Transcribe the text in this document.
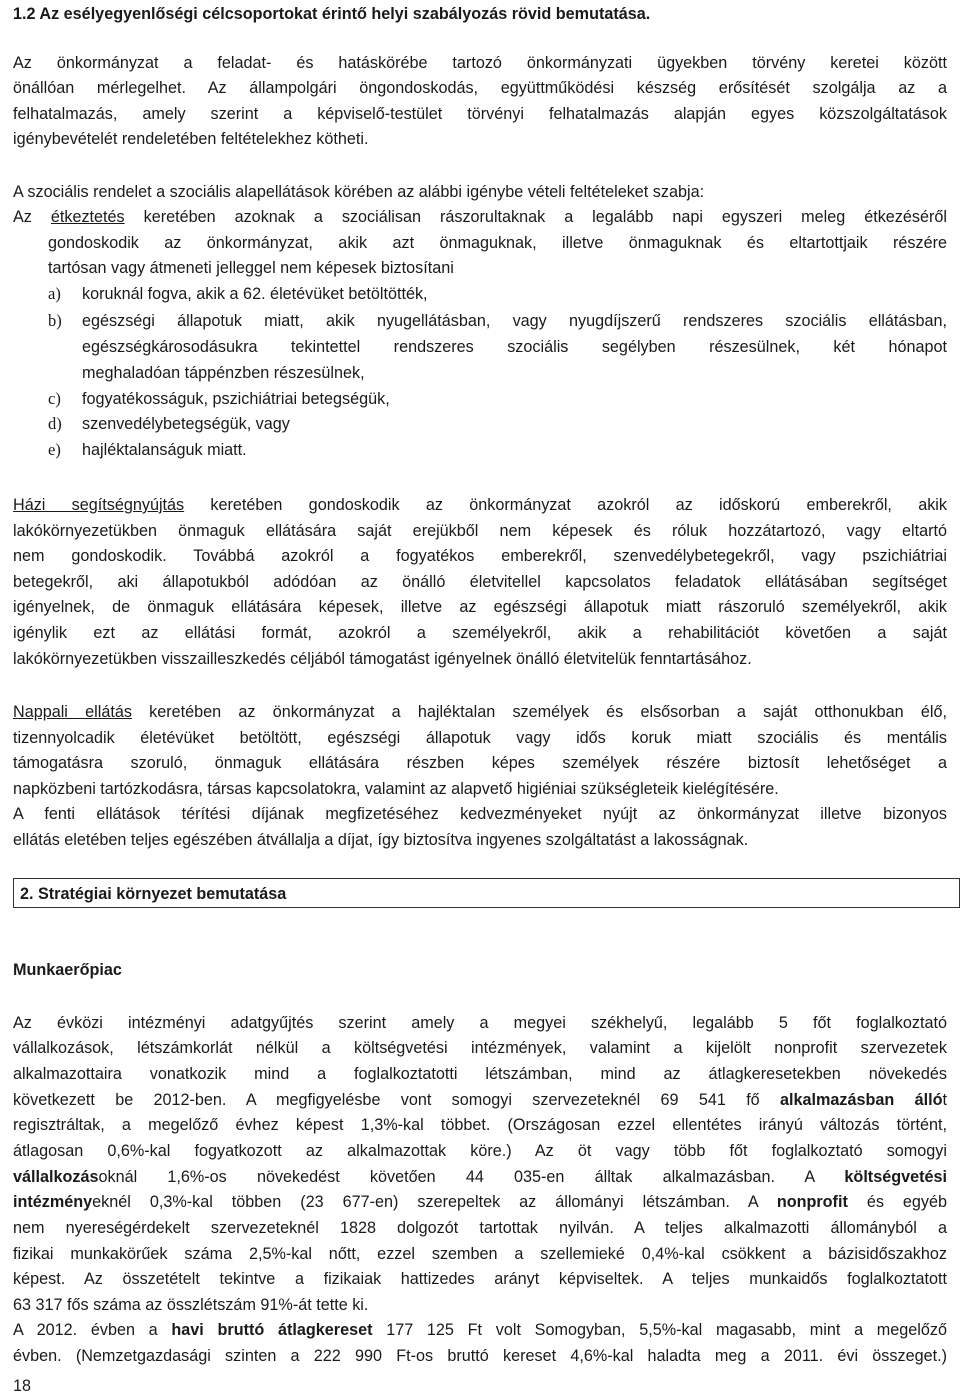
1.2 Az esélyegyenlőségi célcsoportokat érintő helyi szabályozás rövid bemutatása.
Az önkormányzat a feladat- és hatáskörébe tartozó önkormányzati ügyekben törvény keretei között
önállóan mérlegelhet. Az állampolgári öngondoskodás, együttműködési készség erősítését szolgálja az a
felhatalmazás, amely szerint a képviselő-testület törvényi felhatalmazás alapján egyes közszolgáltatások
igénybevételét rendeletében feltételekhez kötheti.
A szociális rendelet a szociális alapellátások körében az alábbi igénybe vételi feltételeket szabja:
Az étkeztetés keretében azoknak a szociálisan rászorultaknak a legalább napi egyszeri meleg étkezéséről
gondoskodik az önkormányzat, akik azt önmaguknak, illetve önmaguknak és eltartottjaik részére
tartósan vagy átmeneti jelleggel nem képesek biztosítani
a) koruknál fogva, akik a 62. életévüket betöltötték,
b) egészségi állapotuk miatt, akik nyugellátásban, vagy nyugdíjszerű rendszeres szociális ellátásban,
egészségkárosodásukra tekintettel rendszeres szociális segélyben részesülnek, két hónapot
meghaladóan táppénzben részesülnek,
c) fogyatékosságuk, pszichiátriai betegségük,
d) szenvedélybetegségük, vagy
e) hajléktalanságuk miatt.
Házi segítségnyújtás keretében gondoskodik az önkormányzat azokról az időskorú emberekről, akik
lakókörnyezetükben önmaguk ellátására saját erejükből nem képesek és róluk hozzátartozó, vagy eltartó
nem gondoskodik. Továbbá azokról a fogyatékos emberekről, szenvedélybetegekről, vagy pszichiátriai
betegekről, aki állapotukból adódóan az önálló életvitellel kapcsolatos feladatok ellátásában segítséget
igényelnek, de önmaguk ellátására képesek, illetve az egészségi állapotuk miatt rászoruló személyekről, akik
igénylik ezt az ellátási formát, azokról a személyekről, akik a rehabilitációt követően a saját
lakókörnyezetükben visszailleszkedés céljából támogatást igényelnek önálló életvitelük fenntartásához.
Nappali ellátás keretében az önkormányzat a hajléktalan személyek és elsősorban a saját otthonukban élő,
tizennyolcadik életévüket betöltött, egészségi állapotuk vagy idős koruk miatt szociális és mentális
támogatásra szoruló, önmaguk ellátására részben képes személyek részére biztosít lehetőséget a
napközbeni tartózkodásra, társas kapcsolatokra, valamint az alapvető higiéniai szükségleteik kielégítésére.
A fenti ellátások térítési díjának megfizetéséhez kedvezményeket nyújt az önkormányzat illetve bizonyos
ellátás eletében teljes egészében átvállalja a díjat, így biztosítva ingyenes szolgáltatást a lakosságnak.
2. Stratégiai környezet bemutatása
Munkaerőpiac
Az évközi intézményi adatgyűjtés szerint amely a megyei székhelyű, legalább 5 főt foglalkoztató
vállalkozások, létszámkorlát nélkül a költségvetési intézmények, valamint a kijelölt nonprofit szervezetek
alkalmazottaira vonatkozik mind a foglalkoztatotti létszámban, mind az átlagkeresetekben növekedés
következett be 2012-ben. A megfigyelésbe vont somogyi szervezeteknél 69 541 fő alkalmazásban állót
regisztráltak, a megelőző évhez képest 1,3%-kal többet. (Országosan ezzel ellentétes irányú változás történt,
átlagosan 0,6%-kal fogyatkozott az alkalmazottak köre.) Az öt vagy több főt foglalkoztató somogyi
vállalkozásoknál 1,6%-os növekedést követően 44 035-en álltak alkalmazásban. A költségvetési
intézményeknél 0,3%-kal többen (23 677-en) szerepeltek az állományi létszámban. A nonprofit és egyéb
nem nyereségérdekelt szervezeteknél 1828 dolgozót tartottak nyilván. A teljes alkalmazotti állományból a
fizikai munkakörűek száma 2,5%-kal nőtt, ezzel szemben a szellemieké 0,4%-kal csökkent a bázisidőszakhoz
képest. Az összetételt tekintve a fizikaiak hattizedes arányt képviseltek. A teljes munkaidős foglalkoztatott
63 317 fős száma az összlétszám 91%-át tette ki.
A 2012. évben a havi bruttó átlagkereset 177 125 Ft volt Somogyban, 5,5%-kal magasabb, mint a megelőző
évben. (Nemzetgazdasági szinten a 222 990 Ft-os bruttó kereset 4,6%-kal haladta meg a 2011. évi összeget.)
18
